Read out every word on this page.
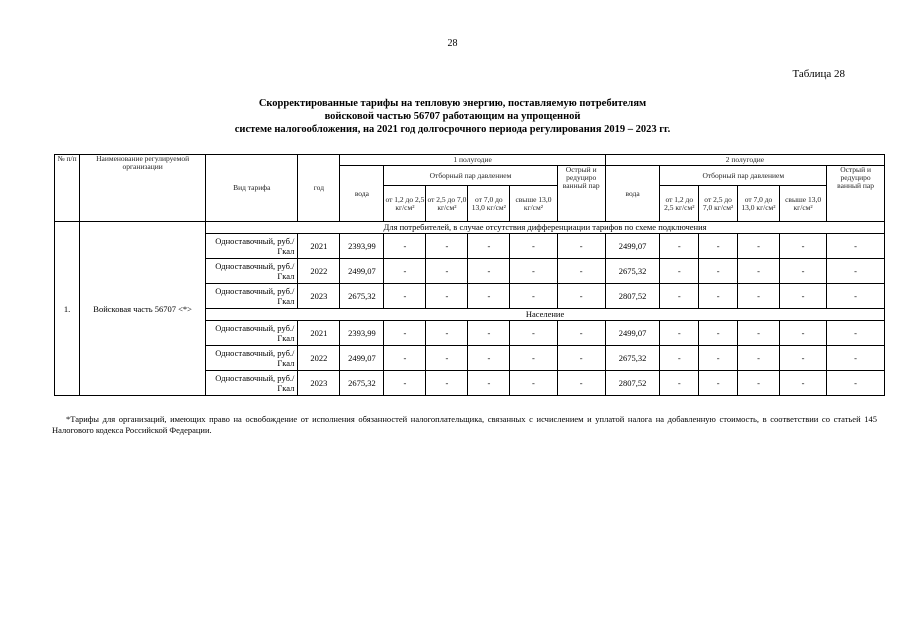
28
Таблица 28
Скорректированные тарифы на тепловую энергию, поставляемую потребителям
войсковой частью 56707 работающим на упрощенной
системе налогообложения, на 2021 год долгосрочного периода регулирования 2019 – 2023 гг.
№ п/п	Наименование регулируемой организации	Вид тарифа	год	1 полугодие						2 полугодие					
				вода	Отборный пар давлением				Острый и редуциро ванный пар	вода	Отборный пар давлением				Острый и редуциро ванный пар
					от 1,2 до 2,5 кг/см²	от 2,5 до 7,0 кг/см²	от 7,0 до 13,0 кг/см²	свыше 13,0 кг/см²			от 1,2 до 2,5 кг/см²	от 2,5 до 7,0 кг/см²	от 7,0 до 13,0 кг/см²	свыше 13,0 кг/см²	
1.	Войсковая часть 56707 <*>	Для потребителей, в случае отсутствия дифференциации тарифов по схеме подключения													
		Одноставочный, руб./Гкал	2021	2393,99	-	-	-	-	-	2499,07	-	-	-	-	-
		Одноставочный, руб./Гкал	2022	2499,07	-	-	-	-	-	2675,32	-	-	-	-	-
		Одноставочный, руб./Гкал	2023	2675,32	-	-	-	-	-	2807,52	-	-	-	-	-
		Население													
		Одноставочный, руб./Гкал	2021	2393,99	-	-	-	-	-	2499,07	-	-	-	-	-
		Одноставочный, руб./Гкал	2022	2499,07	-	-	-	-	-	2675,32	-	-	-	-	-
		Одноставочный, руб./Гкал	2023	2675,32	-	-	-	-	-	2807,52	-	-	-	-	-
*Тарифы для организаций, имеющих право на освобождение от исполнения обязанностей налогоплательщика, связанных с исчислением и уплатой налога на добавленную стоимость, в соответствии со статьей 145 Налогового кодекса Российской Федерации.
